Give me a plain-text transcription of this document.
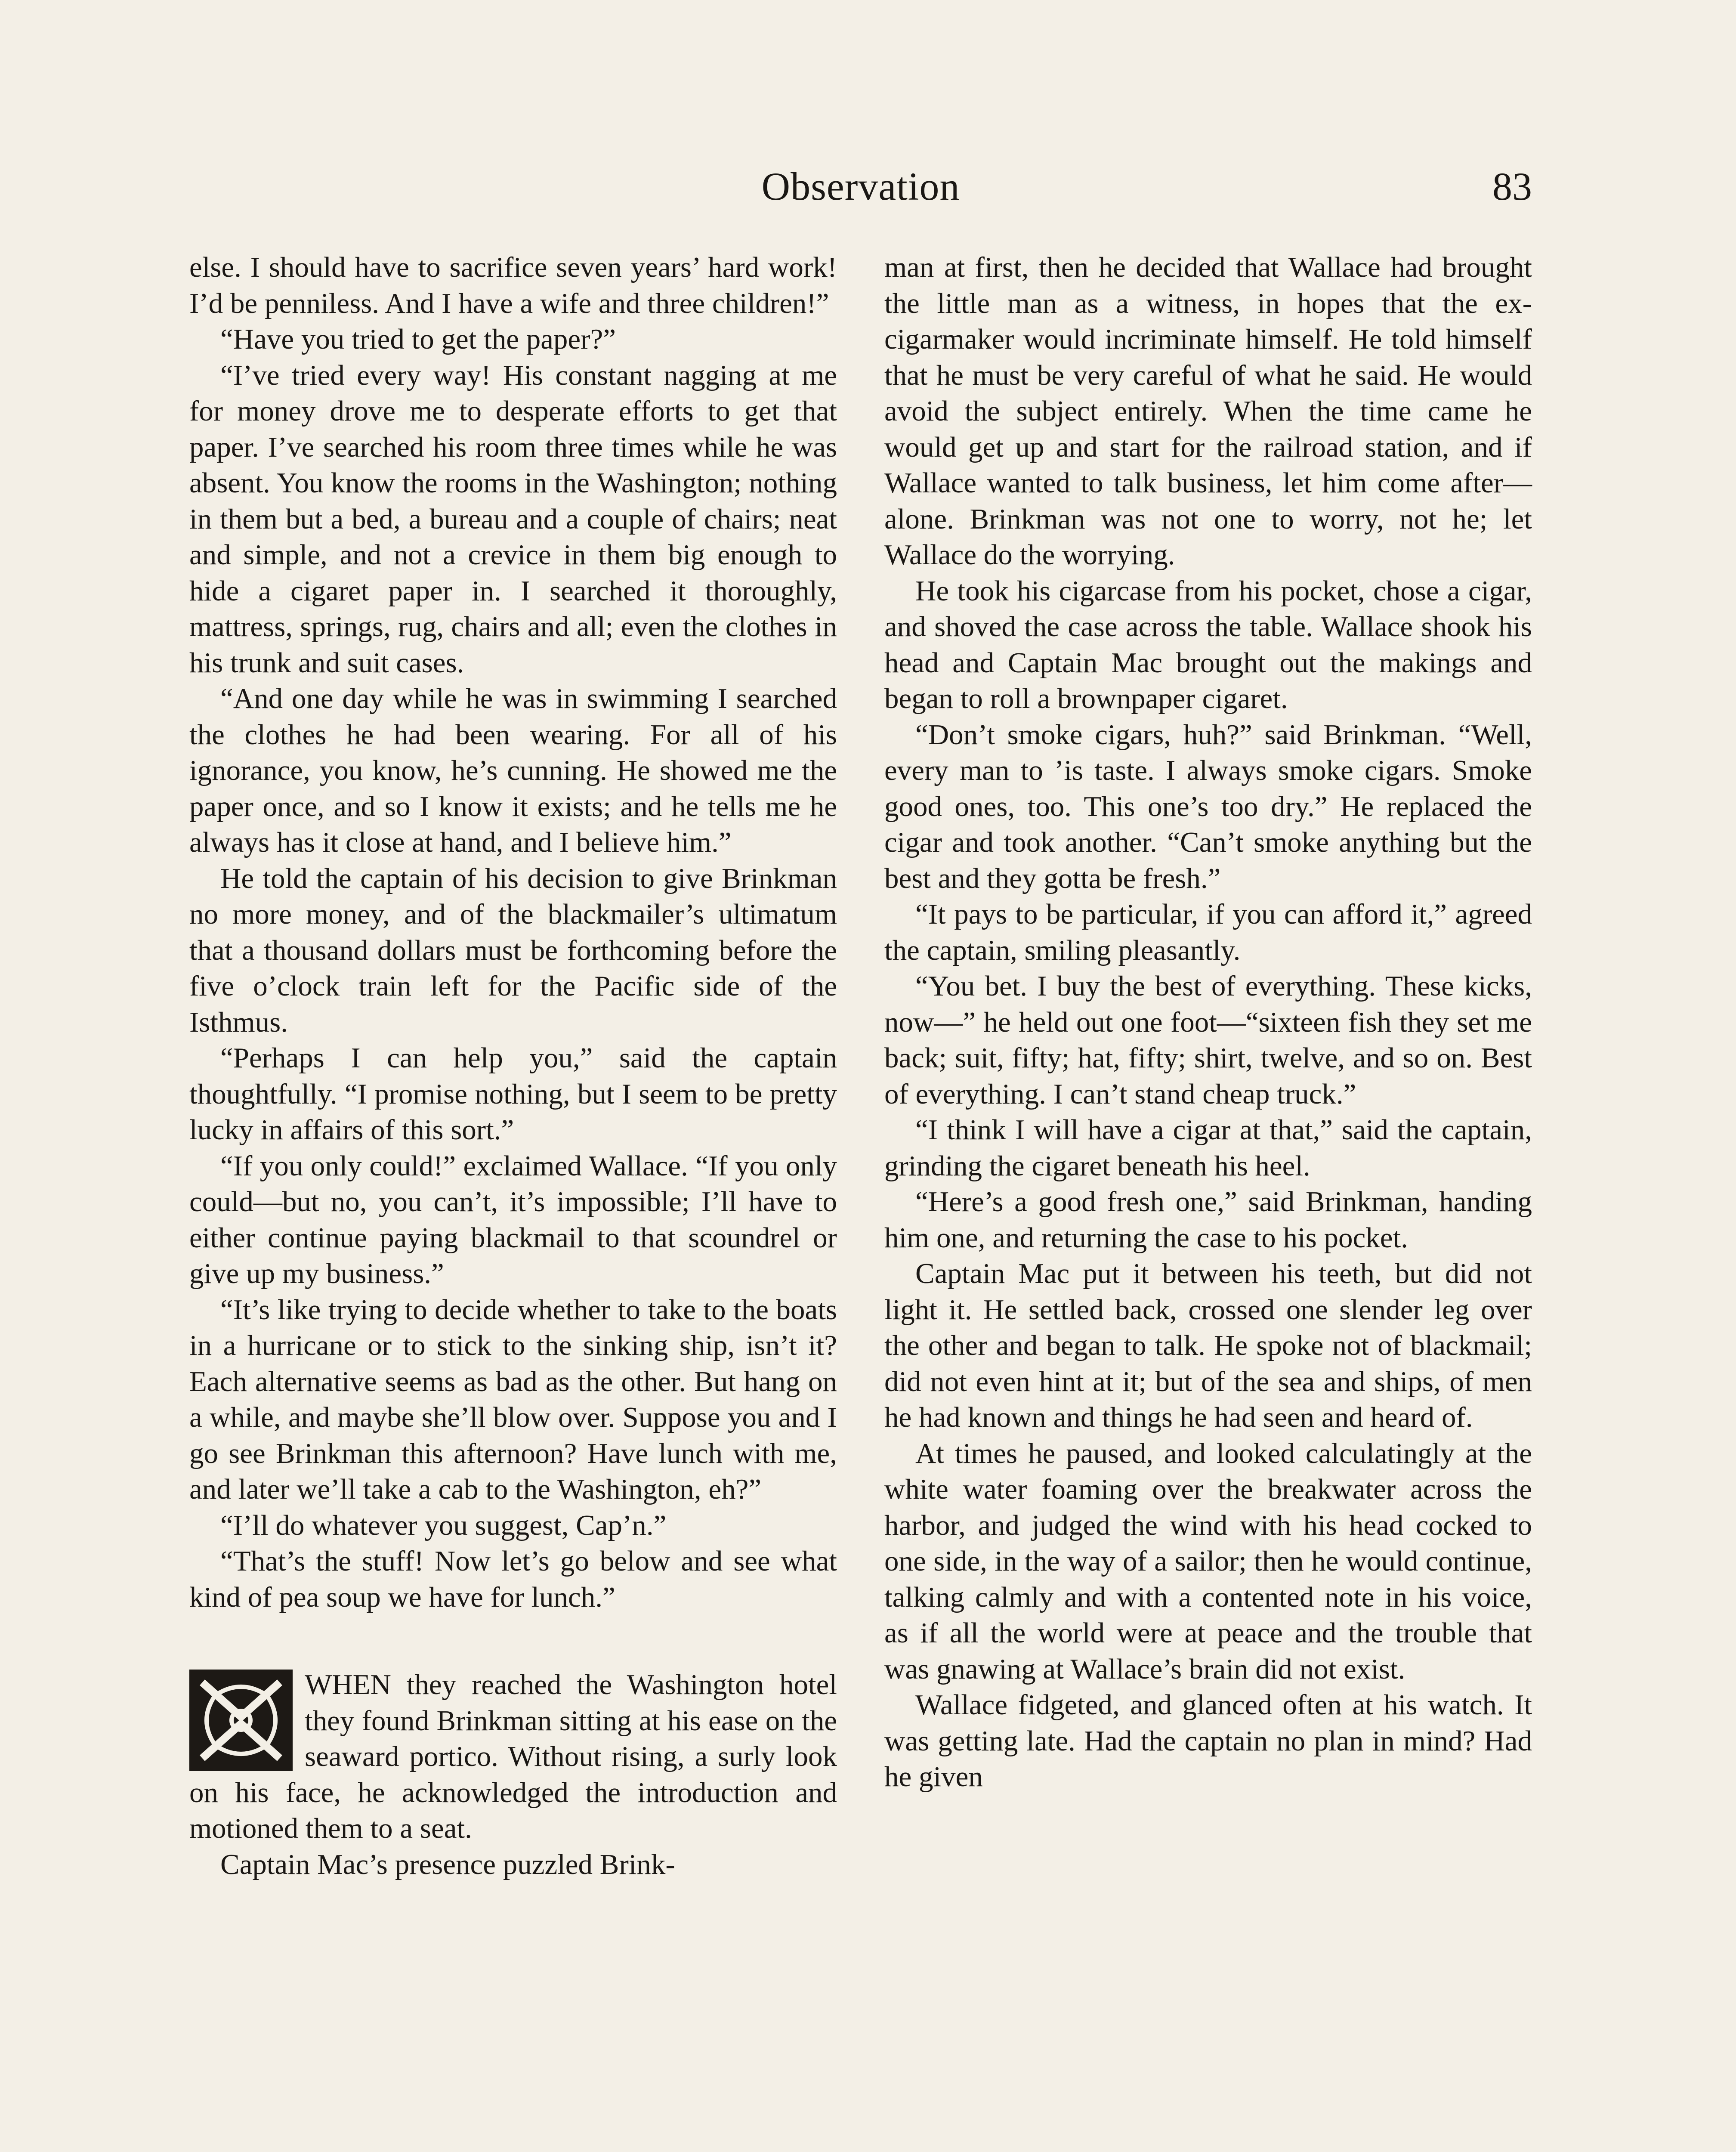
Observation	83

else. I should have to sacrifice seven years’ hard work! I’d be penniless. And I have a wife and three children!”

“Have you tried to get the paper?”

“I’ve tried every way! His constant nagging at me for money drove me to desperate efforts to get that paper. I’ve searched his room three times while he was absent. You know the rooms in the Washington; nothing in them but a bed, a bureau and a couple of chairs; neat and simple, and not a crevice in them big enough to hide a cigaret paper in. I searched it thoroughly, mattress, springs, rug, chairs and all; even the clothes in his trunk and suit cases.

“And one day while he was in swimming I searched the clothes he had been wearing. For all of his ignorance, you know, he’s cunning. He showed me the paper once, and so I know it exists; and he tells me he always has it close at hand, and I believe him.”

He told the captain of his decision to give Brinkman no more money, and of the blackmailer’s ultimatum that a thousand dollars must be forthcoming before the five o’clock train left for the Pacific side of the Isthmus.

“Perhaps I can help you,” said the captain thoughtfully. “I promise nothing, but I seem to be pretty lucky in affairs of this sort.”

“If you only could!” exclaimed Wallace. “If you only could—but no, you can’t, it’s impossible; I’ll have to either continue paying blackmail to that scoundrel or give up my business.”

“It’s like trying to decide whether to take to the boats in a hurricane or to stick to the sinking ship, isn’t it? Each alternative seems as bad as the other. But hang on a while, and maybe she’ll blow over. Suppose you and I go see Brinkman this afternoon? Have lunch with me, and later we’ll take a cab to the Washington, eh?”

“I’ll do whatever you suggest, Cap’n.”

“That’s the stuff! Now let’s go below and see what kind of pea soup we have for lunch.”

WHEN they reached the Washington hotel they found Brinkman sitting at his ease on the seaward portico. Without rising, a surly look on his face, he acknowledged the introduction and motioned them to a seat.

Captain Mac’s presence puzzled Brink-

man at first, then he decided that Wallace had brought the little man as a witness, in hopes that the ex-cigarmaker would incriminate himself. He told himself that he must be very careful of what he said. He would avoid the subject entirely. When the time came he would get up and start for the railroad station, and if Wallace wanted to talk business, let him come after—alone. Brinkman was not one to worry, not he; let Wallace do the worrying.

He took his cigarcase from his pocket, chose a cigar, and shoved the case across the table. Wallace shook his head and Captain Mac brought out the makings and began to roll a brownpaper cigaret.

“Don’t smoke cigars, huh?” said Brinkman. “Well, every man to ’is taste. I always smoke cigars. Smoke good ones, too. This one’s too dry.” He replaced the cigar and took another. “Can’t smoke anything but the best and they gotta be fresh.”

“It pays to be particular, if you can afford it,” agreed the captain, smiling pleasantly.

“You bet. I buy the best of everything. These kicks, now—” he held out one foot—“sixteen fish they set me back; suit, fifty; hat, fifty; shirt, twelve, and so on. Best of everything. I can’t stand cheap truck.”

“I think I will have a cigar at that,” said the captain, grinding the cigaret beneath his heel.

“Here’s a good fresh one,” said Brinkman, handing him one, and returning the case to his pocket.

Captain Mac put it between his teeth, but did not light it. He settled back, crossed one slender leg over the other and began to talk. He spoke not of blackmail; did not even hint at it; but of the sea and ships, of men he had known and things he had seen and heard of.

At times he paused, and looked calculatingly at the white water foaming over the breakwater across the harbor, and judged the wind with his head cocked to one side, in the way of a sailor; then he would continue, talking calmly and with a contented note in his voice, as if all the world were at peace and the trouble that was gnawing at Wallace’s brain did not exist.

Wallace fidgeted, and glanced often at his watch. It was getting late. Had the captain no plan in mind? Had he given
